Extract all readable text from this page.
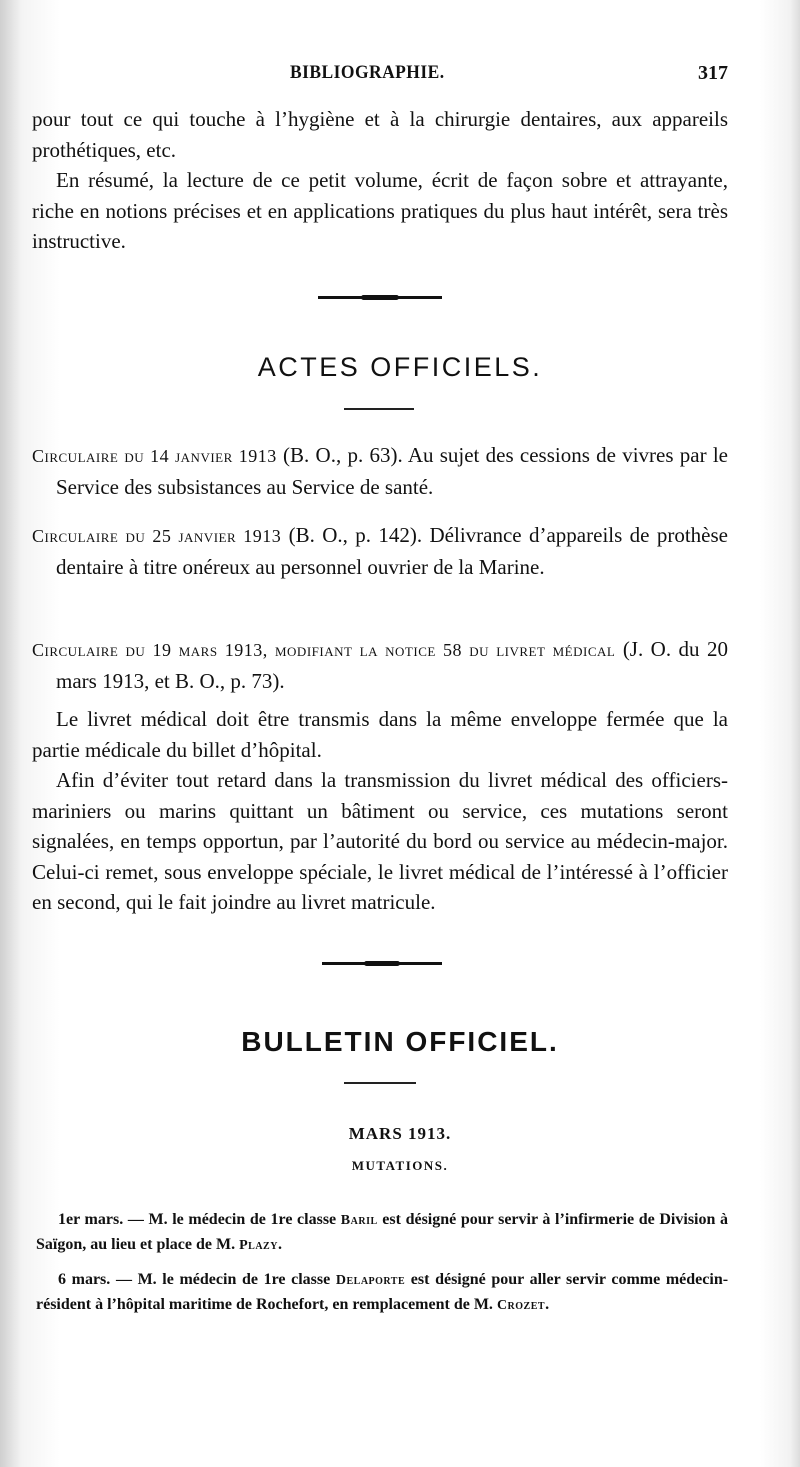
BIBLIOGRAPHIE.	317

pour tout ce qui touche à l’hygiène et à la chirurgie dentaires, aux appareils prothétiques, etc.

En résumé, la lecture de ce petit volume, écrit de façon sobre et attrayante, riche en notions précises et en applications pratiques du plus haut intérêt, sera très instructive.

ACTES OFFICIELS.

Circulaire du 14 janvier 1913 (B. O., p. 63). Au sujet des cessions de vivres par le Service des subsistances au Service de santé.

Circulaire du 25 janvier 1913 (B. O., p. 142). Délivrance d’appareils de prothèse dentaire à titre onéreux au personnel ouvrier de la Marine.

Circulaire du 19 mars 1913, modifiant la notice 58 du livret médical (J. O. du 20 mars 1913, et B. O., p. 73).

Le livret médical doit être transmis dans la même enveloppe fermée que la partie médicale du billet d’hôpital.

Afin d’éviter tout retard dans la transmission du livret médical des officiers-mariniers ou marins quittant un bâtiment ou service, ces mutations seront signalées, en temps opportun, par l’autorité du bord ou service au médecin-major. Celui-ci remet, sous enveloppe spéciale, le livret médical de l’intéressé à l’officier en second, qui le fait joindre au livret matricule.

BULLETIN OFFICIEL.
MARS 1913.
MUTATIONS.

1er mars. — M. le médecin de 1re classe Baril est désigné pour servir à l’infirmerie de Division à Saïgon, au lieu et place de M. Plazy.

6 mars. — M. le médecin de 1re classe Delaporte est désigné pour aller servir comme médecin-résident à l’hôpital maritime de Rochefort, en remplacement de M. Crozet.
